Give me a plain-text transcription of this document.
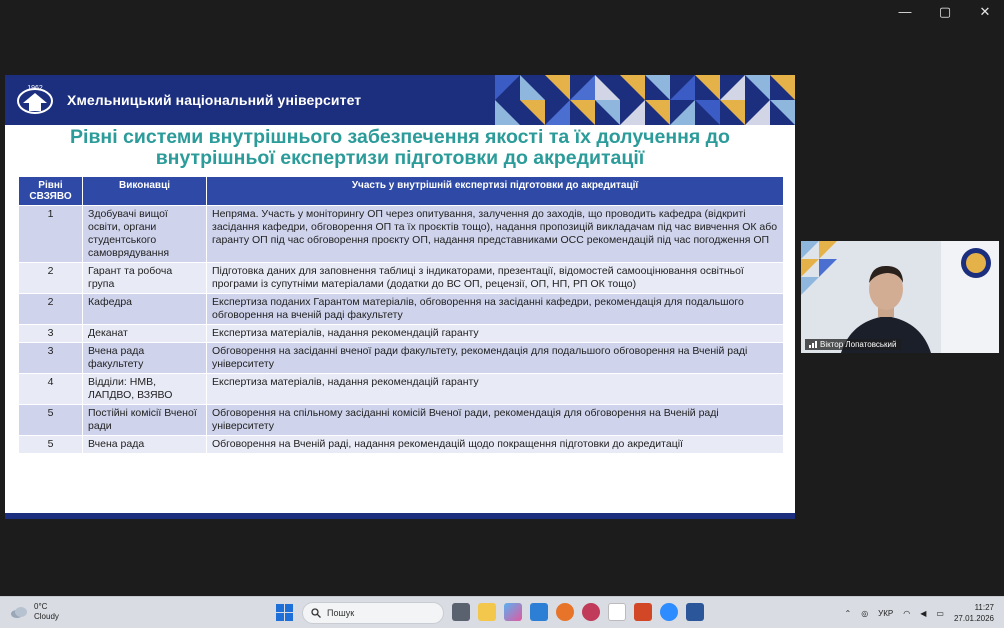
— ▢ ✕
1962
Хмельницький національний університет
Рівні системи внутрішнього забезпечення якості та їх долучення до
внутрішньої експертизи підготовки до акредитації
Рівні СВЗЯВО	Виконавці	Участь у внутрішній експертизі підготовки до акредитації
1	Здобувачі вищої освіти, органи студентського самоврядування	Непряма. Участь у моніторингу ОП через опитування, залучення до заходів, що проводить кафедра (відкриті засідання кафедри, обговорення ОП та їх проєктів тощо), надання пропозицій викладачам під час вивчення ОК або гаранту ОП під час обговорення проєкту ОП, надання представниками ОСС рекомендацій під час погодження ОП
2	Гарант та робоча група	Підготовка даних для заповнення таблиці з індикаторами, презентації, відомостей самооцінювання освітньої програми із супутніми матеріалами (додатки до ВС ОП, рецензії, ОП, НП, РП ОК тощо)
2	Кафедра	Експертиза поданих Гарантом матеріалів, обговорення на засіданні кафедри, рекомендація для подальшого обговорення на вченій раді факультету
3	Деканат	Експертиза матеріалів, надання рекомендацій гаранту
3	Вчена рада факультету	Обговорення на засіданні вченої ради факультету, рекомендація для подальшого обговорення на Вченій раді університету
4	Відділи: НМВ, ЛАПДВО, ВЗЯВО	Експертиза матеріалів, надання рекомендацій гаранту
5	Постійні комісії Вченої ради	Обговорення на спільному засіданні комісій Вченої ради, рекомендація для обговорення на Вченій раді університету
5	Вчена рада	Обговорення на Вченій раді, надання рекомендацій щодо покращення підготовки до акредитації
Віктор Лопатовський
0°C
Cloudy	Пошук	⌃ ◎ УКР ◠ ◀ ▭
11:27
27.01.2026
